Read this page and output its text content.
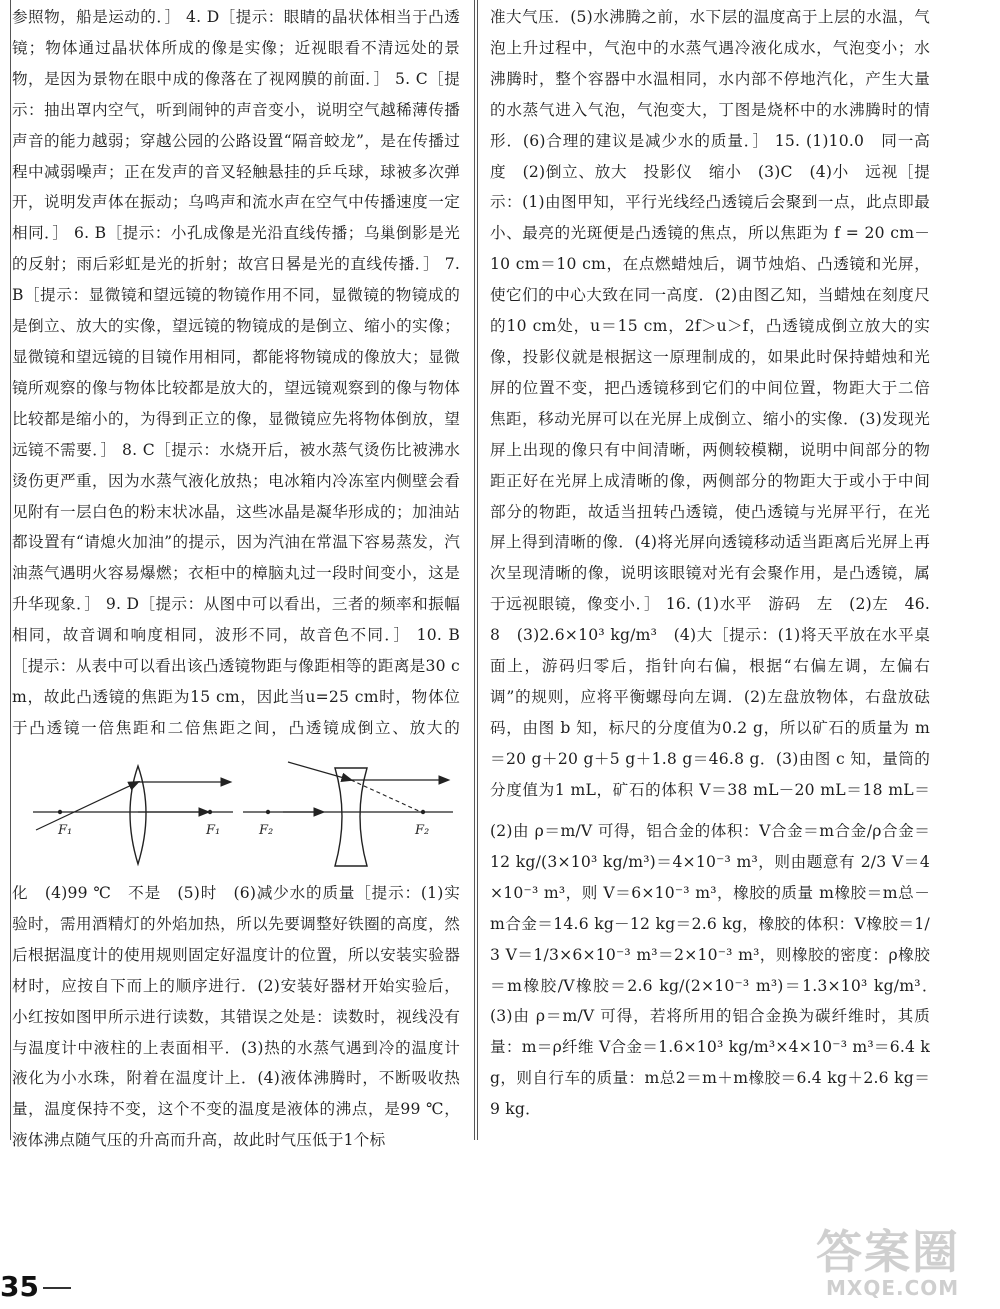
参照物，船是运动的．］ 4. D［提示：眼睛的晶状体相当于凸透镜；物体通过晶状体所成的像是实像；近视眼看不清远处的景物，是因为景物在眼中成的像落在了视网膜的前面．］ 5. C［提示：抽出罩内空气，听到闹钟的声音变小，说明空气越稀薄传播声音的能力越弱；穿越公园的公路设置“隔音蛟龙”，是在传播过程中减弱噪声；正在发声的音叉轻触悬挂的乒乓球，球被多次弹开，说明发声体在振动；乌鸣声和流水声在空气中传播速度一定相同．］ 6. B［提示：小孔成像是光沿直线传播；乌巢倒影是光的反射；雨后彩虹是光的折射；故宫日晷是光的直线传播．］ 7. B［提示：显微镜和望远镜的物镜作用不同，显微镜的物镜成的是倒立、放大的实像，望远镜的物镜成的是倒立、缩小的实像；显微镜和望远镜的目镜作用相同，都能将物镜成的像放大；显微镜所观察的像与物体比较都是放大的，望远镜观察到的像与物体比较都是缩小的，为得到正立的像，显微镜应先将物体倒放，望远镜不需要．］ 8. C［提示：水烧开后，被水蒸气烫伤比被沸水烫伤更严重，因为水蒸气液化放热；电冰箱内冷冻室内侧壁会看见附有一层白色的粉末状冰晶，这些冰晶是凝华形成的；加油站都设置有“请熄火加油”的提示，因为汽油在常温下容易蒸发，汽油蒸气遇明火容易爆燃；衣柜中的樟脑丸过一段时间变小，这是升华现象．］ 9. D［提示：从图中可以看出，三者的频率和振幅相同，故音调和响度相同，波形不同，故音色不同．］ 10. B［提示：从表中可以看出该凸透镜物距与像距相等的距离是30 cm，故此凸透镜的焦距为15 cm，因此当u=25 cm时，物体位于凸透镜一倍焦距和二倍焦距之间，凸透镜成倒立、放大的 　 　 　　

F₁	F₁	F₂	F₂

化　(4)99 ℃　不是　(5)时　(6)减少水的质量［提示：(1)实验时，需用酒精灯的外焰加热，所以先要调整好铁圈的高度，然后根据温度计的使用规则固定好温度计的位置，所以安装实验器材时，应按自下而上的顺序进行．(2)安装好器材开始实验后，小红按如图甲所示进行读数，其错误之处是：读数时，视线没有与温度计中液柱的上表面相平．(3)热的水蒸气遇到冷的温度计液化为小水珠，附着在温度计上．(4)液体沸腾时，不断吸收热量，温度保持不变，这个不变的温度是液体的沸点，是99 ℃，液体沸点随气压的升高而升高，故此时气压低于1个标

准大气压．(5)水沸腾之前，水下层的温度高于上层的水温，气泡上升过程中，气泡中的水蒸气遇冷液化成水，气泡变小；水沸腾时，整个容器中水温相同，水内部不停地汽化，产生大量的水蒸气进入气泡，气泡变大，丁图是烧杯中的水沸腾时的情形．(6)合理的建议是减少水的质量．］ 15. (1)10.0　同一高度　(2)倒立、放大　投影仪　缩小　(3)C　(4)小　远视［提示：(1)由图甲知，平行光线经凸透镜后会聚到一点，此点即最小、最亮的光斑便是凸透镜的焦点，所以焦距为 f = 20 cm－10 cm＝10 cm，在点燃蜡烛后，调节烛焰、凸透镜和光屏，使它们的中心大致在同一高度．(2)由图乙知，当蜡烛在刻度尺的10 cm处，u＝15 cm，2f＞u＞f，凸透镜成倒立放大的实像，投影仪就是根据这一原理制成的，如果此时保持蜡烛和光屏的位置不变，把凸透镜移到它们的中间位置，物距大于二倍焦距，移动光屏可以在光屏上成倒立、缩小的实像．(3)发现光屏上出现的像只有中间清晰，两侧较模糊，说明中间部分的物距正好在光屏上成清晰的像，两侧部分的物距大于或小于中间部分的物距，故适当扭转凸透镜，使凸透镜与光屏平行，在光屏上得到清晰的像．(4)将光屏向透镜移动适当距离后光屏上再次呈现清晰的像，说明该眼镜对光有会聚作用，是凸透镜，属于远视眼镜，像变小．］ 16. (1)水平　游码　左　(2)左　46.8　(3)2.6×10³ kg/m³　(4)大［提示：(1)将天平放在水平桌面上，游码归零后，指针向右偏，根据“右偏左调，左偏右调”的规则，应将平衡螺母向左调．(2)左盘放物体，右盘放砝码，由图 b 知，标尺的分度值为0.2 g，所以矿石的质量为 m＝20 g＋20 g＋5 g＋1.8 g＝46.8 g．(3)由图 c 知，量筒的分度值为1 mL，矿石的体积 V＝38 mL－20 mL＝18 mL＝

(2)由 ρ＝m/V 可得，铝合金的体积：V合金＝m合金/ρ合金＝12 kg/(3×10³ kg/m³)＝4×10⁻³ m³，则由题意有 2/3 V＝4×10⁻³ m³，则 V＝6×10⁻³ m³，橡胶的质量 m橡胶＝m总－m合金＝14.6 kg－12 kg＝2.6 kg，橡胶的体积：V橡胶＝1/3 V＝1/3×6×10⁻³ m³＝2×10⁻³ m³，则橡胶的密度：ρ橡胶＝m橡胶/V橡胶＝2.6 kg/(2×10⁻³ m³)＝1.3×10³ kg/m³．　(3)由 ρ＝m/V 可得，若将所用的铝合金换为碳纤维时，其质量：m＝ρ纤维 V合金＝1.6×10³ kg/m³×4×10⁻³ m³＝6.4 kg，则自行车的质量：m总2＝m＋m橡胶＝6.4 kg＋2.6 kg＝9 kg．

35
答案圈
MXQE.COM
